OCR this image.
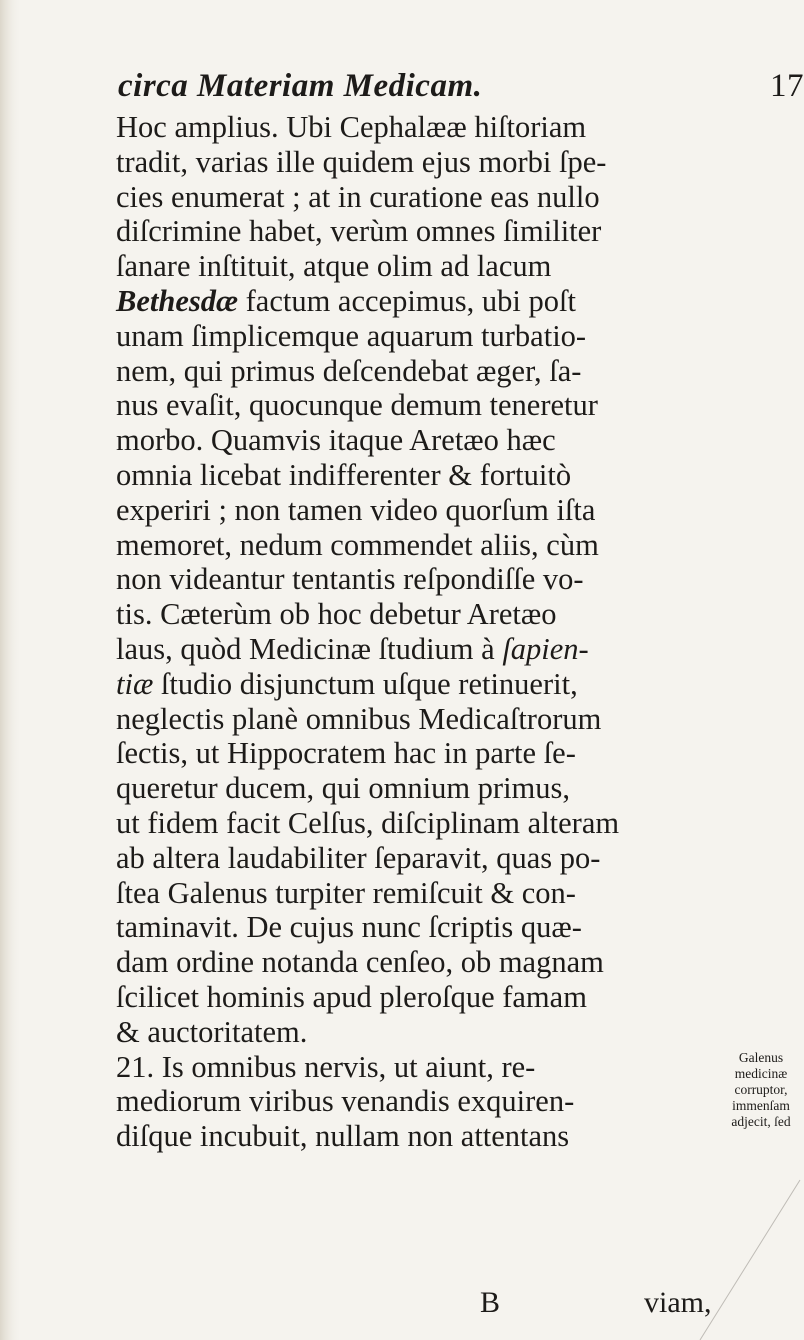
circa Materiam Medicam.	17
Hoc amplius. Ubi Cephalææ hiſtoriam
tradit, varias ille quidem ejus morbi ſpe-
cies enumerat ; at in curatione eas nullo
diſcrimine habet, verùm omnes ſimiliter
ſanare inſtituit, atque olim ad lacum
Bethesdæ factum accepimus, ubi poſt
unam ſimplicemque aquarum turbatio-
nem, qui primus deſcendebat æger, ſa-
nus evaſit, quocunque demum teneretur
morbo. Quamvis itaque Aretæo hæc
omnia licebat indifferenter & fortuitò
experiri ; non tamen video quorſum iſta
memoret, nedum commendet aliis, cùm
non videantur tentantis reſpondiſſe vo-
tis. Cæterùm ob hoc debetur Aretæo
laus, quòd Medicinæ ſtudium à ſapien-
tiæ ſtudio disjunctum uſque retinuerit,
neglectis planè omnibus Medicaſtrorum
ſectis, ut Hippocratem hac in parte ſe-
queretur ducem, qui omnium primus,
ut fidem facit Celſus, diſciplinam alteram
ab altera laudabiliter ſeparavit, quas po-
ſtea Galenus turpiter remiſcuit & con-
taminavit. De cujus nunc ſcriptis quæ-
dam ordine notanda cenſeo, ob magnam
ſcilicet hominis apud pleroſque famam
& auctoritatem.
21. Is omnibus nervis, ut aiunt, re-
mediorum viribus venandis exquiren-
diſque incubuit, nullam non attentans
Galenus
medicinæ
corruptor,
immenſam
adjecit, ſed
B	viam,
